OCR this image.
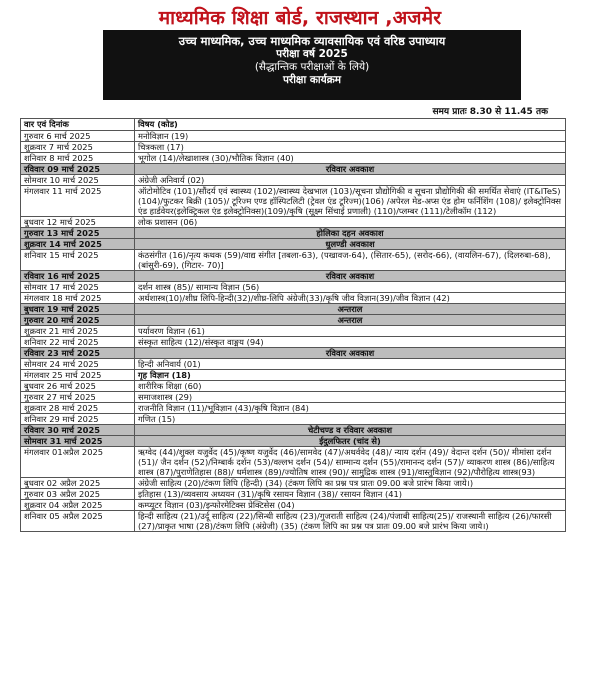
माध्यमिक शिक्षा बोर्ड, राजस्थान ,अजमेर
उच्च माध्यमिक, उच्च माध्यमिक व्यावसायिक एवं वरिष्ठ उपाध्याय
परीक्षा वर्ष 2025
(सैद्धान्तिक परीक्षाओं के लिये)
परीक्षा कार्यक्रम
समय प्रातः 8.30 से 11.45 तक
वार एवं दिनांक	विषय (कोड)
गुरुवार 6 मार्च 2025	मनोविज्ञान (19)
शुक्रवार 7 मार्च 2025	चित्रकला (17)
शनिवार 8 मार्च 2025	भूगोल (14)/लेखाशास्त्र (30)/भौतिक विज्ञान (40)
रविवार 09 मार्च 2025	रविवार अवकाश
सोमवार 10 मार्च 2025	अंग्रेजी अनिवार्य (02)
मंगलवार 11 मार्च 2025	ऑटोमोटिव (101)/सौंदर्य एवं स्वास्थ्य (102)/स्वास्थ्य देखभाल (103)/सूचना प्रौद्योगिकी व सूचना प्रौद्योगिकी की समर्थित सेवाएं (IT&ITeS)(104)/फुटकर बिक्री (105)/ टूरिज्म एण्ड हॉस्पिटलिटी (ट्रेवल एंड टूरिज्म)(106) /अपेरल मेड-अप्स एंड होम फर्निशिंग (108)/ इलेक्ट्रोनिक्स एंड हार्डवेयर(इलेक्ट्रिकल एंड इलेक्ट्रोनिक्स)(109)/कृषि (सूक्ष्म सिंचाई प्रणाली) (110)/प्लम्बर (111)/टेलीकॉम (112)
बुधवार 12 मार्च 2025	लोक प्रशासन (06)
गुरुवार 13 मार्च 2025	होलिका दहन अवकाश
शुक्रवार 14 मार्च 2025	धुलण्डी अवकाश
शनिवार 15 मार्च 2025	कंठसंगीत (16)/नृत्य कथक (59)/वाद्य संगीत [तबला-63), (पखावज-64), (सितार-65), (सरोद-66), (वायलिन-67), (दिलरुबा-68), (बांसुरी-69), (गिटार- 70)]
रविवार 16 मार्च 2025	रविवार अवकाश
सोमवार 17 मार्च 2025	दर्शन शास्त्र (85)/ सामान्य विज्ञान (56)
मंगलवार 18 मार्च 2025	अर्थशास्त्र(10)/शीघ्र लिपि-हिन्दी(32)/शीघ्र-लिपि अंग्रेजी(33)/कृषि जीव विज्ञान(39)/जीव विज्ञान (42)
बुधवार 19 मार्च 2025	अन्तराल
गुरुवार 20 मार्च 2025	अन्तराल
शुक्रवार 21 मार्च 2025	पर्यावरण विज्ञान (61)
शनिवार 22 मार्च 2025	संस्कृत साहित्य (12)/संस्कृत वाङ्मय (94)
रविवार 23 मार्च 2025	रविवार अवकाश
सोमवार 24 मार्च 2025	हिन्दी अनिवार्य (01)
मंगलवार 25 मार्च 2025	गृह विज्ञान (18)
बुधवार 26 मार्च 2025	शारीरिक शिक्षा (60)
गुरुवार 27 मार्च 2025	समाजशास्त्र (29)
शुक्रवार 28 मार्च 2025	राजनीति विज्ञान (11)/भूविज्ञान (43)/कृषि विज्ञान (84)
शनिवार 29 मार्च 2025	गणित (15)
रविवार 30 मार्च 2025	चेटीचण्ड व रविवार अवकाश
सोमवार 31 मार्च 2025	ईदुलफितर (चांद से)
मंगलवार 01अप्रैल 2025	ऋग्वेद (44)/शुक्ल यजुर्वेद (45)/कृष्ण यजुर्वेद (46)/सामवेद (47)/अथर्ववेद (48)/ न्याय दर्शन (49)/ वेदान्त दर्शन (50)/ मीमांसा दर्शन (51)/ जैन दर्शन (52)/निम्बार्क दर्शन (53)/वल्लभ दर्शन (54)/ साम्मान्य दर्शन (55)/रामानन्द दर्शन (57)/ व्याकरण शास्त्र (86)/साहित्य शास्त्र (87)/पुराणेतिहास (88)/ धर्मशास्त्र (89)/ज्योतिष शास्त्र (90)/ सामुद्रिक शास्त्र (91)/वास्तुविज्ञान (92)/पौरोहित्य शास्त्र(93)
बुधवार 02 अप्रैल 2025	अंग्रेजी साहित्य (20)/टंकण लिपि (हिन्दी) (34) (टंकण लिपि का प्रश्न पत्र प्रातः 09.00 बजे प्रारंभ किया जाये।)
गुरुवार 03 अप्रैल 2025	इतिहास (13)/व्यवसाय अध्ययन (31)/कृषि रसायन विज्ञान (38)/ रसायन विज्ञान (41)
शुक्रवार 04 अप्रैल 2025	कम्प्यूटर विज्ञान (03)/इन्फोरमेटिक्स प्रेक्टिसेस (04)
शनिवार 05 अप्रैल 2025	हिन्दी साहित्य (21)/उर्दू साहित्य (22)/सिन्धी साहित्य (23)/गुजराती साहित्य (24)/पंजाबी साहित्य(25)/ राजस्थानी साहित्य (26)/फारसी (27)/प्राकृत भाषा (28)/टंकण लिपि (अंग्रेजी) (35) (टंकण लिपि का प्रश्न पत्र प्रातः 09.00 बजे प्रारंभ किया जाये।)
